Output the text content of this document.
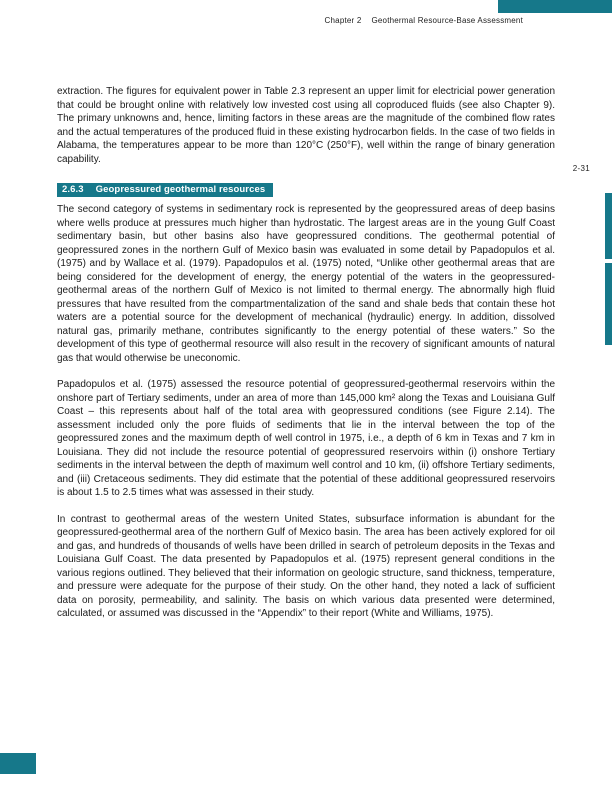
Chapter 2 Geothermal Resource-Base Assessment
2-31

extraction. The figures for equivalent power in Table 2.3 represent an upper limit for electricial power generation that could be brought online with relatively low invested cost using all coproduced fluids (see also Chapter 9). The primary unknowns and, hence, limiting factors in these areas are the magnitude of the combined flow rates and the actual temperatures of the produced fluid in these existing hydrocarbon fields. In the case of two fields in Alabama, the temperatures appear to be more than 120°C (250°F), well within the range of binary generation capability.

2.6.3 Geopressured geothermal resources

The second category of systems in sedimentary rock is represented by the geopressured areas of deep basins where wells produce at pressures much higher than hydrostatic. The largest areas are in the young Gulf Coast sedimentary basin, but other basins also have geopressured conditions. The geothermal potential of geopressured zones in the northern Gulf of Mexico basin was evaluated in some detail by Papadopulos et al. (1975) and by Wallace et al. (1979). Papadopulos et al. (1975) noted, “Unlike other geothermal areas that are being considered for the development of energy, the energy potential of the waters in the geopressured-geothermal areas of the northern Gulf of Mexico is not limited to thermal energy. The abnormally high fluid pressures that have resulted from the compartmentalization of the sand and shale beds that contain these hot waters are a potential source for the development of mechanical (hydraulic) energy. In addition, dissolved natural gas, primarily methane, contributes significantly to the energy potential of these waters.” So the development of this type of geothermal resource will also result in the recovery of significant amounts of natural gas that would otherwise be uneconomic.

Papadopulos et al. (1975) assessed the resource potential of geopressured-geothermal reservoirs within the onshore part of Tertiary sediments, under an area of more than 145,000 km² along the Texas and Louisiana Gulf Coast – this represents about half of the total area with geopressured conditions (see Figure 2.14). The assessment included only the pore fluids of sediments that lie in the interval between the top of the geopressured zones and the maximum depth of well control in 1975, i.e., a depth of 6 km in Texas and 7 km in Louisiana. They did not include the resource potential of geopressured reservoirs within (i) onshore Tertiary sediments in the interval between the depth of maximum well control and 10 km, (ii) offshore Tertiary sediments, and (iii) Cretaceous sediments. They did estimate that the potential of these additional geopressured reservoirs is about 1.5 to 2.5 times what was assessed in their study.

In contrast to geothermal areas of the western United States, subsurface information is abundant for the geopressured-geothermal area of the northern Gulf of Mexico basin. The area has been actively explored for oil and gas, and hundreds of thousands of wells have been drilled in search of petroleum deposits in the Texas and Louisiana Gulf Coast. The data presented by Papadopulos et al. (1975) represent general conditions in the various regions outlined. They believed that their information on geologic structure, sand thickness, temperature, and pressure were adequate for the purpose of their study. On the other hand, they noted a lack of sufficient data on porosity, permeability, and salinity. The basis on which various data presented were determined, calculated, or assumed was discussed in the “Appendix” to their report (White and Williams, 1975).
